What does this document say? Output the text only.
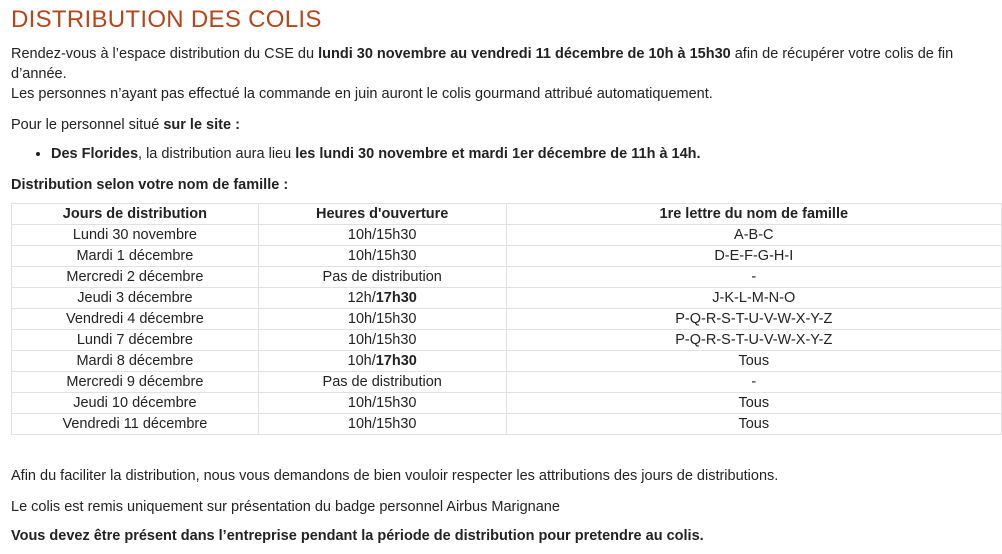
DISTRIBUTION DES COLIS

Rendez-vous à l’espace distribution du CSE du lundi 30 novembre au vendredi 11 décembre de 10h à 15h30 afin de récupérer votre colis de fin d’année.
Les personnes n’ayant pas effectué la commande en juin auront le colis gourmand attribué automatiquement.

Pour le personnel situé sur le site :

• Des Florides, la distribution aura lieu les lundi 30 novembre et mardi 1er décembre de 11h à 14h.

Distribution selon votre nom de famille :

Jours de distribution	Heures d'ouverture	1re lettre du nom de famille
Lundi 30 novembre	10h/15h30	A-B-C
Mardi 1 décembre	10h/15h30	D-E-F-G-H-I
Mercredi 2 décembre	Pas de distribution	-
Jeudi 3 décembre	12h/17h30	J-K-L-M-N-O
Vendredi 4 décembre	10h/15h30	P-Q-R-S-T-U-V-W-X-Y-Z
Lundi 7 décembre	10h/15h30	P-Q-R-S-T-U-V-W-X-Y-Z
Mardi 8 décembre	10h/17h30	Tous
Mercredi 9 décembre	Pas de distribution	-
Jeudi 10 décembre	10h/15h30	Tous
Vendredi 11 décembre	10h/15h30	Tous

Afin du faciliter la distribution, nous vous demandons de bien vouloir respecter les attributions des jours de distributions.

Le colis est remis uniquement sur présentation du badge personnel Airbus Marignane

Vous devez être présent dans l’entreprise pendant la période de distribution pour pretendre au colis.
